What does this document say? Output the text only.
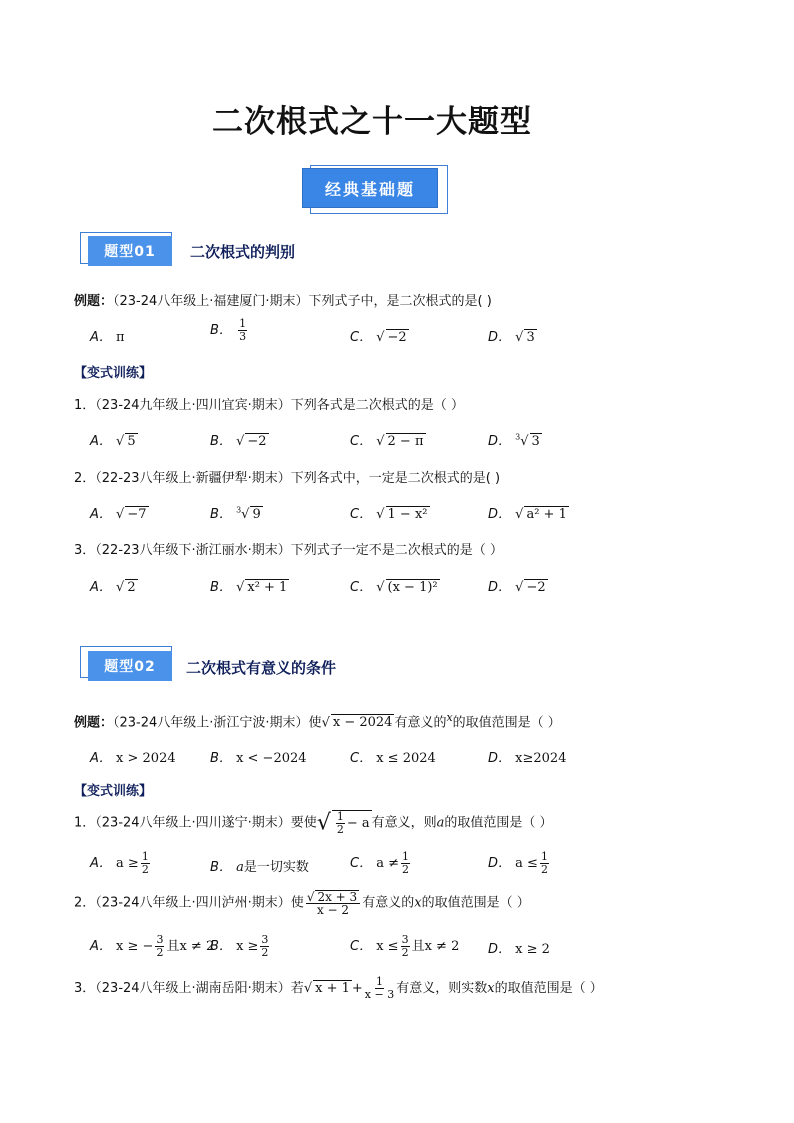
二次根式之十一大题型
经典基础题
题型01	二次根式的判别
例题：（23-24八年级上·福建厦门·期末）下列式子中，是二次根式的是( )
A． π	B． $\frac{1}{3}$	C． √ −2	D． √ 3
【变式训练】
1．（23-24九年级上·四川宜宾·期末）下列各式是二次根式的是（ ）
A． √ 5	B． √ −2	C． √ 2 − π	D． $^3$√ 3
2．（22-23八年级上·新疆伊犁·期末）下列各式中，一定是二次根式的是( )
A． √ −7	B． $^3$√ 9	C． √ 1 − x²	D． √ a² + 1
3．（22-23八年级下·浙江丽水·期末）下列式子一定不是二次根式的是（ ）
A． √ 2	B． √ x² + 1	C． √ (x − 1)²	D． √ −2
题型02	二次根式有意义的条件
例题：（23-24八年级上·浙江宁波·期末）使√ x − 2024 有意义的$^x$的取值范围是（ ）
A． x > 2024	B． x < −2024	C． x ≤ 2024	D． x≥2024
【变式训练】
1．（23-24八年级上·四川遂宁·期末）要使√ $\frac{1}{2} - a$ 有意义，则a的取值范围是（ ）
A． $a \ge \frac{1}{2}$	B． a是一切实数	C． $a \ne \frac{1}{2}$	D． $a \le \frac{1}{2}$
2．（23-24八年级上·四川泸州·期末）使 $\frac{√ 2x + 3}{x - 2}$ 有意义的x的取值范围是（ ）
A． x ≥ − $\frac{3}{2}$ 且x ≠ 2
B． $x \ge \frac{3}{2}$	C． $x \le \frac{3}{2}$ 且x ≠ 2 D． x ≥ 2
3．（23-24八年级上·湖南岳阳·期末）若√ $x + 1 + \frac{1}{x - 3}$ 有意义，则实数x的取值范围是（ ）
